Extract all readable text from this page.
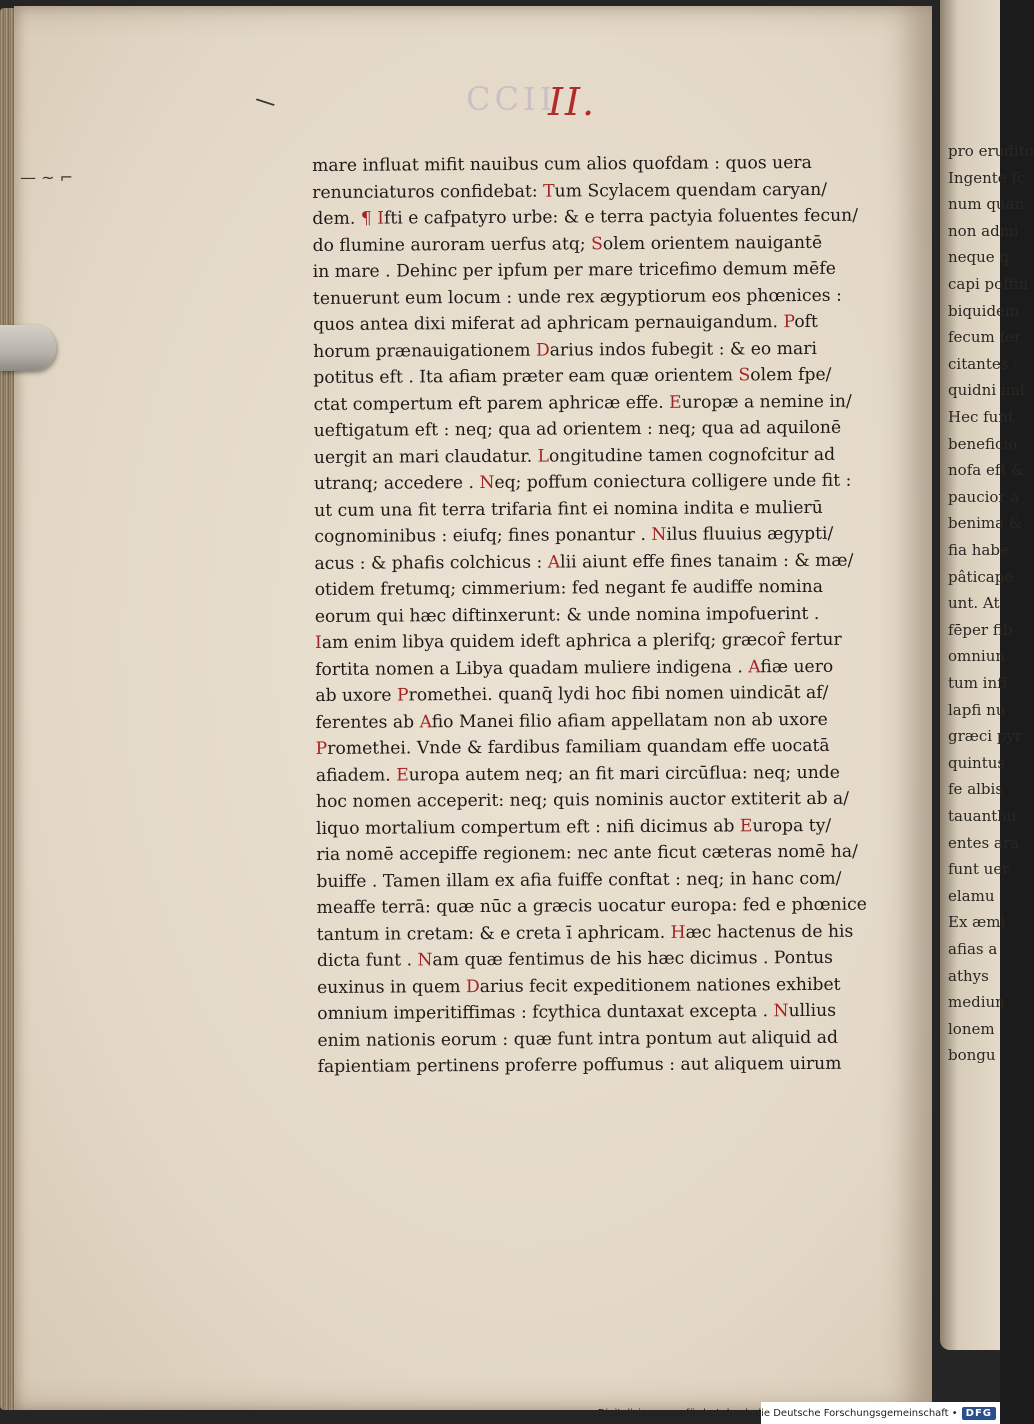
\
— ~ ⌐
CCII
II.
mare influat mifit nauibus cum alios quofdam : quos uera
renunciaturos confidebat: Tum Scylacem quendam caryan∕
dem. ¶ Ifti e cafpatyro urbe: & e terra pactyia foluentes fecun∕
do flumine auroram uerfus atq; Solem orientem nauigantē
in mare . Dehinc per ipfum per mare tricefimo demum mēfe
tenuerunt eum locum : unde rex ægyptiorum eos phœnices :
quos antea dixi miferat ad aphricam pernauigandum. Poft
horum prænauigationem Darius indos fubegit : & eo mari
potitus eft . Ita afiam præter eam quæ orientem Solem fpe∕
ctat compertum eft parem aphricæ effe. Europæ a nemine in∕
ueftigatum eft : neq; qua ad orientem : neq; qua ad aquilonē
uergit an mari claudatur. Longitudine tamen cognofcitur ad
utranq; accedere . Neq; poffum coniectura colligere unde fit :
ut cum una fit terra trifaria fint ei nomina indita e mulierū
cognominibus : eiufq; fines ponantur . Nilus fluuius ægypti∕
acus : & phafis colchicus : Alii aiunt effe fines tanaim : & mæ∕
otidem fretumq; cimmerium: fed negant fe audiffe nomina
eorum qui hæc diftinxerunt: & unde nomina impofuerint .
Iam enim libya quidem ideft aphrica a plerifq; græcoȓ fertur
fortita nomen a Libya quadam muliere indigena . Afiæ uero
ab uxore Promethei. quanq̄ lydi hoc fibi nomen uindicāt af∕
ferentes ab Afio Manei filio afiam appellatam non ab uxore
Promethei. Vnde & fardibus familiam quandam effe uocatā
afiadem. Europa autem neq; an fit mari circūflua: neq; unde
hoc nomen acceperit: neq; quis nominis auctor extiterit ab a∕
liquo mortalium compertum eft : nifi dicimus ab Europa ty∕
ria nomē accepiffe regionem: nec ante ficut cæteras nomē ha∕
buiffe . Tamen illam ex afia fuiffe conftat : neq; in hanc com∕
meaffe terrā: quæ nūc a græcis uocatur europa: fed e phœnice
tantum in cretam: & e creta ī aphricam. Hæc hactenus de his
dicta funt . Nam quæ fentimus de his hæc dicimus . Pontus
euxinus in quem Darius fecit expeditionem nationes exhibet
omnium imperitiffimas : fcythica duntaxat excepta . Nullius
enim nationis eorum : quæ funt intra pontum aut aliquid ad
fapientiam pertinens proferre poffumus : aut aliquem uirum
pro erudito
Ingente fc
num quan
non admi
neque q
capi poffin
biquidem
fecum fer
citantes :
quidni iml
Hec funt
beneficio
nofa eft &
paucior a
benima &
fia habe
pâticape
unt. At
fēper fib
omniun
tum infl
lapfi nu
græci pyr
quintus
fe albis
tauanthu
entes ara
funt uer
elamu
Ex æmi
afias a
athys
mediun
lonem
bongu
Digitalisierung gefördert durch die Deutsche Forschungsgemeinschaft • DFG
